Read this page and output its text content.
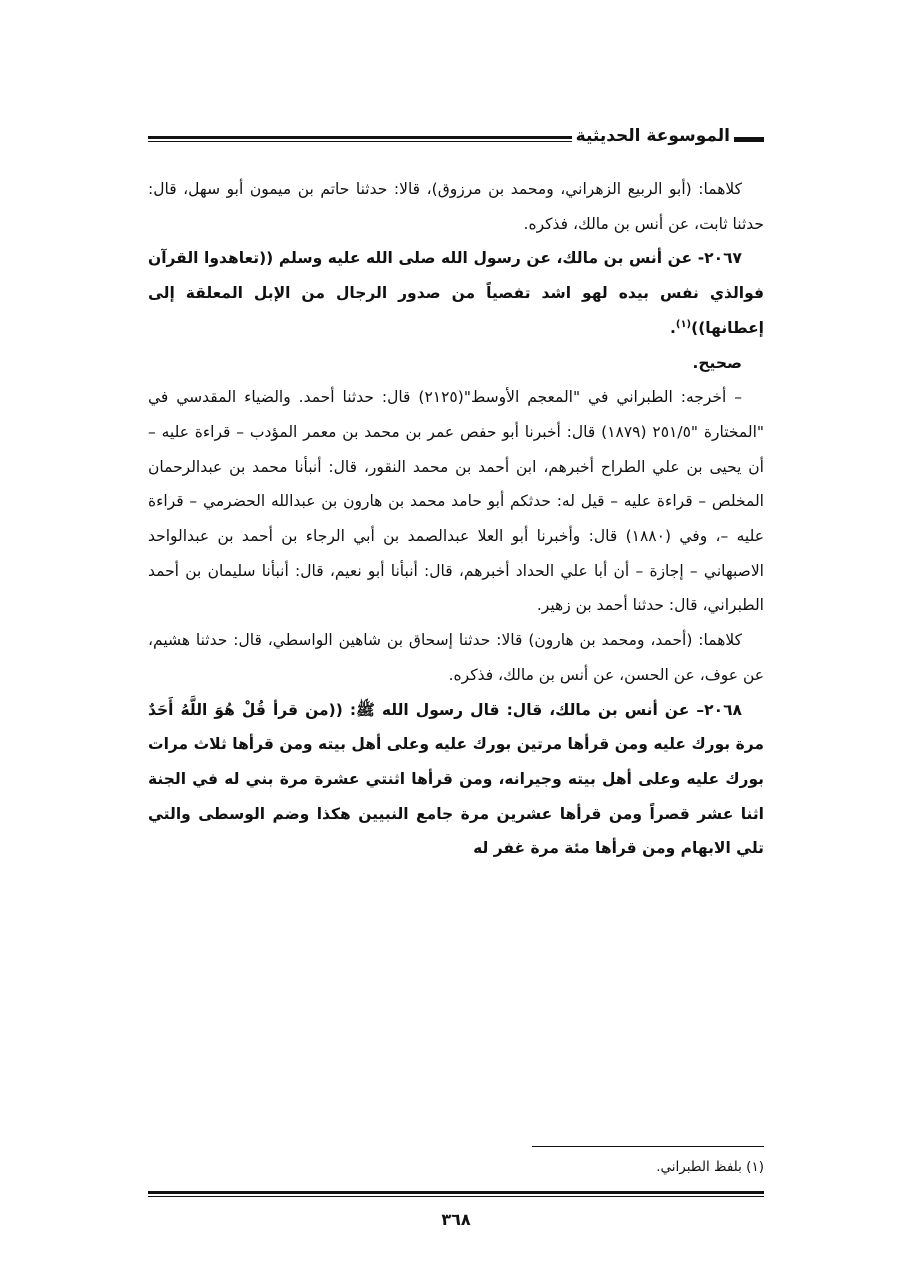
الموسوعة الحديثية

كلاهما: (أبو الربيع الزهراني، ومحمد بن مرزوق)، قالا: حدثنا حاتم بن ميمون أبو سهل، قال: حدثنا ثابت، عن أنس بن مالك، فذكره.

٢٠٦٧- عن أنس بن مالك، عن رسول الله صلى الله عليه وسلم ((تعاهدوا القرآن فوالذي نفس بيده لهو اشد تفصياً من صدور الرجال من الإبل المعلقة إلى إعطانها))$^{(١)}$.

صحيح.

– أخرجه: الطبراني في "المعجم الأوسط"(٢١٢٥) قال: حدثنا أحمد. والضياء المقدسي في "المختارة "٢٥١/٥ (١٨٧٩) قال: أخبرنا أبو حفص عمر بن محمد بن معمر المؤدب – قراءة عليه – أن يحيى بن علي الطراح أخبرهم، ابن أحمد بن محمد النقور، قال: أنبأنا محمد بن عبدالرحمان المخلص – قراءة عليه – قيل له: حدثكم أبو حامد محمد بن هارون بن عبدالله الحضرمي – قراءة عليه –، وفي (١٨٨٠) قال: وأخبرنا أبو العلا عبدالصمد بن أبي الرجاء بن أحمد بن عبدالواحد الاصبهاني – إجازة – أن أبا علي الحداد أخبرهم، قال: أنبأنا أبو نعيم، قال: أنبأنا سليمان بن أحمد الطبراني، قال: حدثنا أحمد بن زهير.

كلاهما: (أحمد، ومحمد بن هارون) قالا: حدثنا إسحاق بن شاهين الواسطي، قال: حدثنا هشيم، عن عوف، عن الحسن، عن أنس بن مالك، فذكره.

٢٠٦٨– عن أنس بن مالك، قال: قال رسول الله ﷺ: ((من قرأ قُلْ هُوَ اللَّهُ أَحَدٌ مرة بورك عليه ومن قرأها مرتين بورك عليه وعلى أهل بيته ومن قرأها ثلاث مرات بورك عليه وعلى أهل بيته وجيرانه، ومن قرأها اثنتي عشرة مرة بني له في الجنة اثنا عشر قصراً ومن قرأها عشرين مرة جامع النبيين هكذا وضم الوسطى والتي تلي الابهام ومن قرأها مئة مرة غفر له

(١) بلفظ الطبراني.
٣٦٨
